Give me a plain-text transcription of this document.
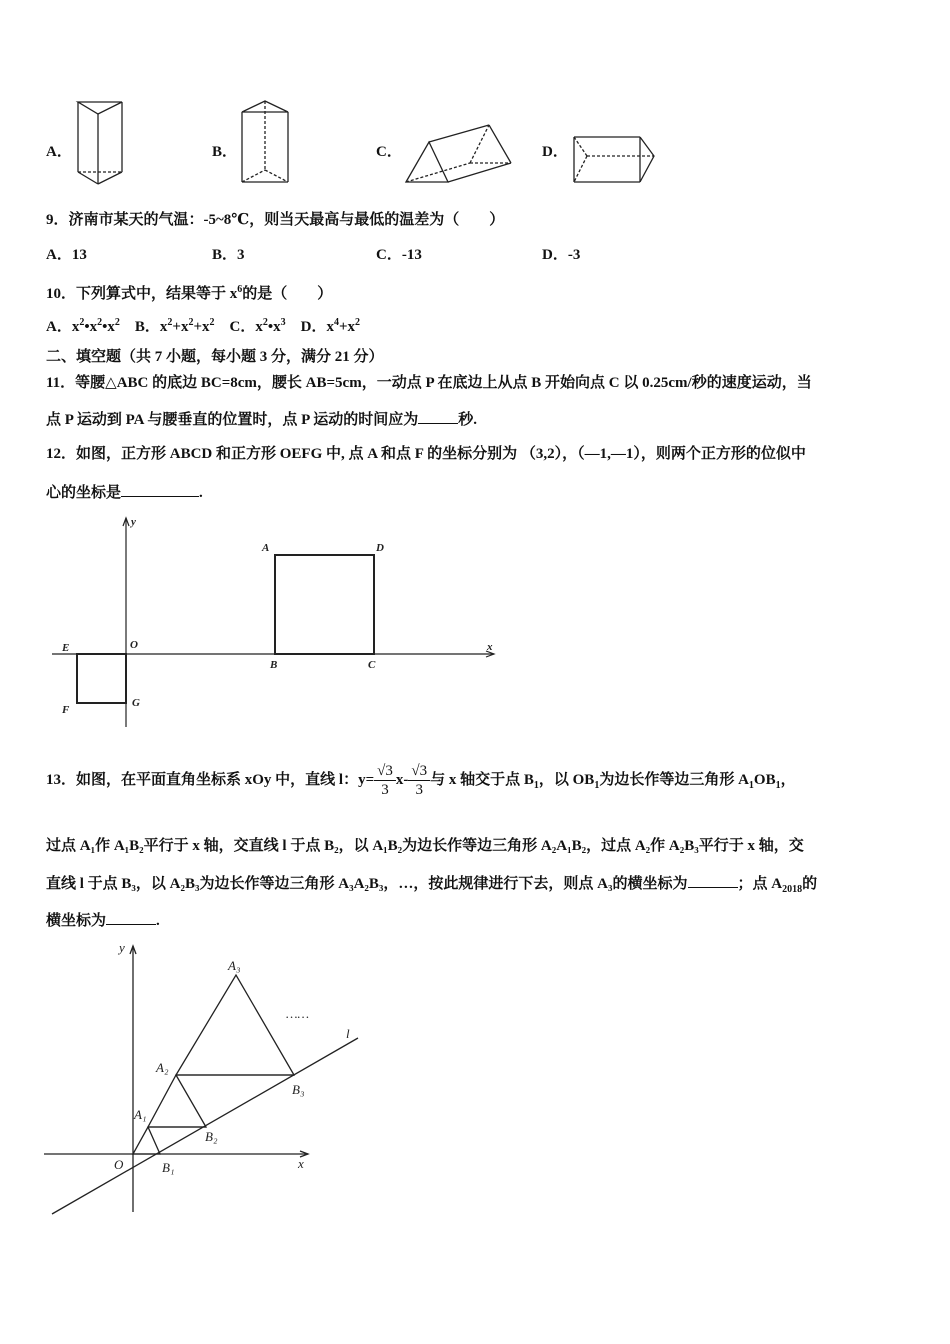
A．	B．	C．	D．
9．济南市某天的气温：-5~8℃，则当天最高与最低的温差为（　　）
A．13	B．3	C．-13	D．-3
10．下列算式中，结果等于 $x^6$的是（　　）
A．$x^2•x^2•x^2$ B．$x^2+x^2+x^2$ C．$x^2•x^3$ D．$x^4+x^2$
二、填空题（共 7 小题，每小题 3 分，满分 21 分）
11．等腰△ABC 的底边 BC=8cm，腰长 AB=5cm，一动点 P 在底边上从点 B 开始向点 C 以 0.25cm/秒的速度运动，当
点 P 运动到 PA 与腰垂直的位置时，点 P 运动的时间应为	秒.
12．如图，正方形 ABCD 和正方形 OEFG 中, 点 A 和点 F 的坐标分别为 （3,2），（—1,—1），则两个正方形的位似中
心的坐标是	.
y
x
A	D
B	C
E	O
F
G
13．如图，在平面直角坐标系 xOy 中，直线 l：$y= \frac{√3}{3} x- \frac{√3}{3}$ 与 x 轴交于点 $B_1$，以 $OB_1$为边长作等边三角形 $A_1OB_1$，
过点 A₁作 A₁B₂平行于 x 轴，交直线 l 于点 B₂，以 A₁B₂为边长作等边三角形 A₂A₁B₂，过点 A₂作 A₂B₃平行于 x 轴，交
直线 l 于点 B₃，以 A₂B₃为边长作等边三角形 A₃A₂B₃，…，按此规律进行下去，则点 A₃的横坐标为	；点 $A_{2018}$的
横坐标为	.
y
x
O
l
A₁
A₂
A₃
B₁
B₂
B₃
……
